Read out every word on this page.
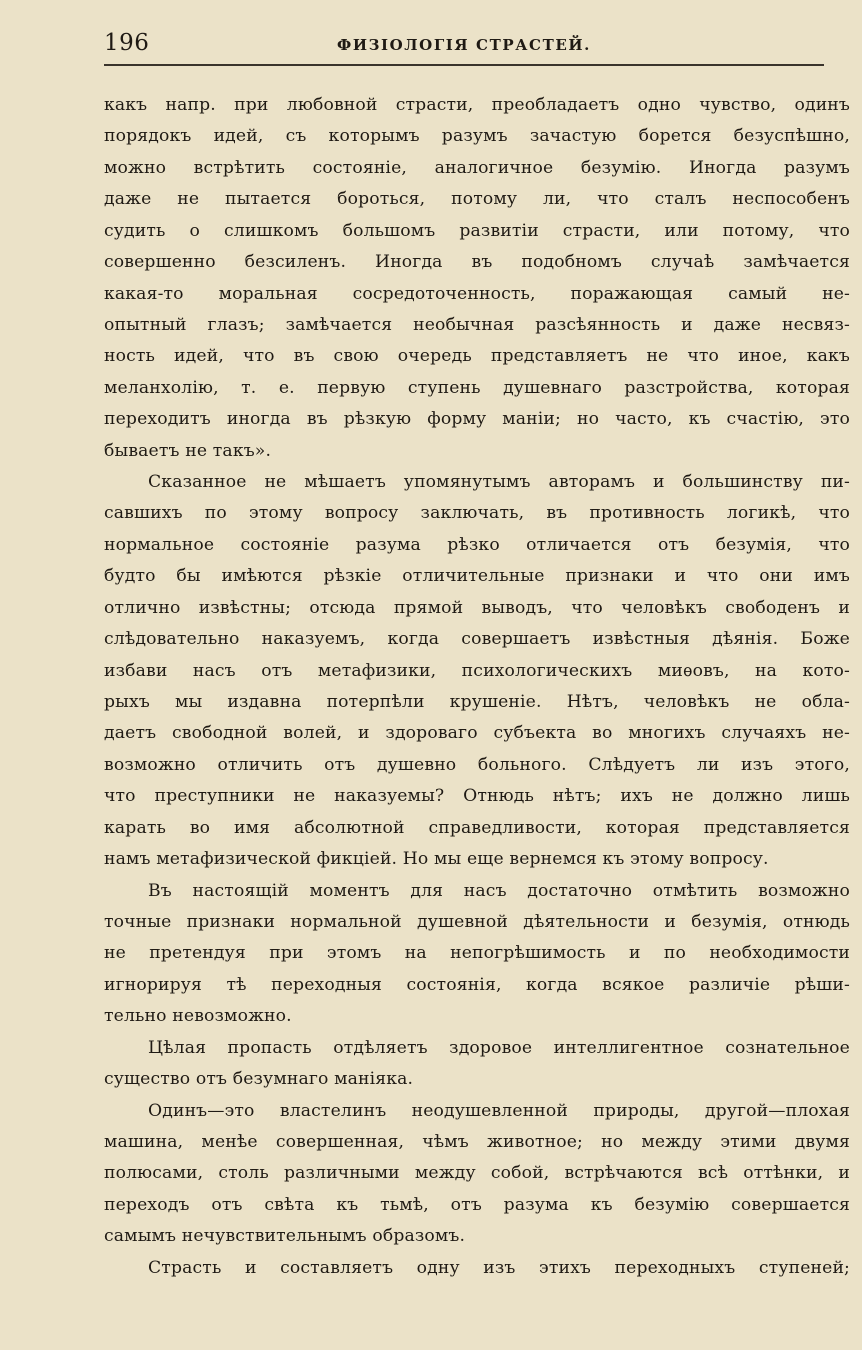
196	ФИЗІОЛОГІЯ СТРАСТЕЙ.
какъ напр. при любовной страсти, преобладаетъ одно чувство, одинъ
порядокъ идей, съ которымъ разумъ зачастую борется безуспѣшно,
можно встрѣтить состояніе, аналогичное безумію. Иногда разумъ
даже не пытается бороться, потому ли, что сталъ неспособенъ
судить о слишкомъ большомъ развитіи страсти, или потому, что
совершенно безсиленъ. Иногда въ подобномъ случаѣ замѣчается
какая-то моральная сосредоточенность, поражающая самый не-
опытный глазъ; замѣчается необычная разсѣянность и даже несвяз-
ность идей, что въ свою очередь представляетъ не что иное, какъ
меланхолію, т. е. первую ступень душевнаго разстройства, которая
переходитъ иногда въ рѣзкую форму маніи; но часто, къ счастію, это
бываетъ не такъ».
Сказанное не мѣшаетъ упомянутымъ авторамъ и большинству пи-
савшихъ по этому вопросу заключать, въ противность логикѣ, что
нормальное состояніе разума рѣзко отличается отъ безумія, что
будто бы имѣются рѣзкіе отличительные признаки и что они имъ
отлично извѣстны; отсюда прямой выводъ, что человѣкъ свободенъ и
слѣдовательно наказуемъ, когда совершаетъ извѣстныя дѣянія. Боже
избави насъ отъ метафизики, психологическихъ миѳовъ, на кото-
рыхъ мы издавна потерпѣли крушеніе. Нѣтъ, человѣкъ не обла-
даетъ свободной волей, и здороваго субъекта во многихъ случаяхъ не-
возможно отличить отъ душевно больного. Слѣдуетъ ли изъ этого,
что преступники не наказуемы? Отнюдь нѣтъ; ихъ не должно лишь
карать во имя абсолютной справедливости, которая представляется
намъ метафизической фикціей. Но мы еще вернемся къ этому вопросу.
Въ настоящій моментъ для насъ достаточно отмѣтить возможно
точные признаки нормальной душевной дѣятельности и безумія, отнюдь
не претендуя при этомъ на непогрѣшимость и по необходимости
игнорируя тѣ переходныя состоянія, когда всякое различіе рѣши-
тельно невозможно.
Цѣлая пропасть отдѣляетъ здоровое интеллигентное сознательное
существо отъ безумнаго маніяка.
Одинъ—это властелинъ неодушевленной природы, другой—плохая
машина, менѣе совершенная, чѣмъ животное; но между этими двумя
полюсами, столь различными между собой, встрѣчаются всѣ оттѣнки, и
переходъ отъ свѣта къ тьмѣ, отъ разума къ безумію совершается
самымъ нечувствительнымъ образомъ.
Страсть и составляетъ одну изъ этихъ переходныхъ ступеней;
